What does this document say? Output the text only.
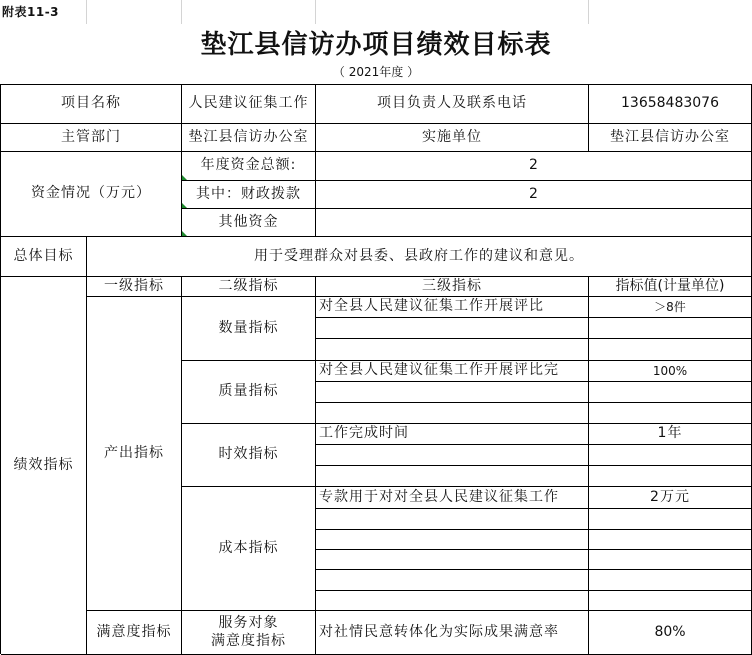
附表11-3
垫江县信访办项目绩效目标表
（ 2021年度 ）
项目名称	人民建议征集工作	项目负责人及联系电话	13658483076
主管部门	垫江县信访办公室	实施单位	垫江县信访办公室
资金情况（万元）
年度资金总额:	2
其中：财政拨款	2
其他资金
总体目标	用于受理群众对县委、县政府工作的建议和意见。
绩效指标
一级指标	二级指标	三级指标	指标值(计量单位)
产出指标
数量指标
对全县人民建议征集工作开展评比	＞8件
质量指标
对全县人民建议征集工作开展评比完	100%
时效指标
工作完成时间	1年
成本指标
专款用于对对全县人民建议征集工作	2万元
满意度指标
服务对象
满意度指标
对社情民意转体化为实际成果满意率	80%
